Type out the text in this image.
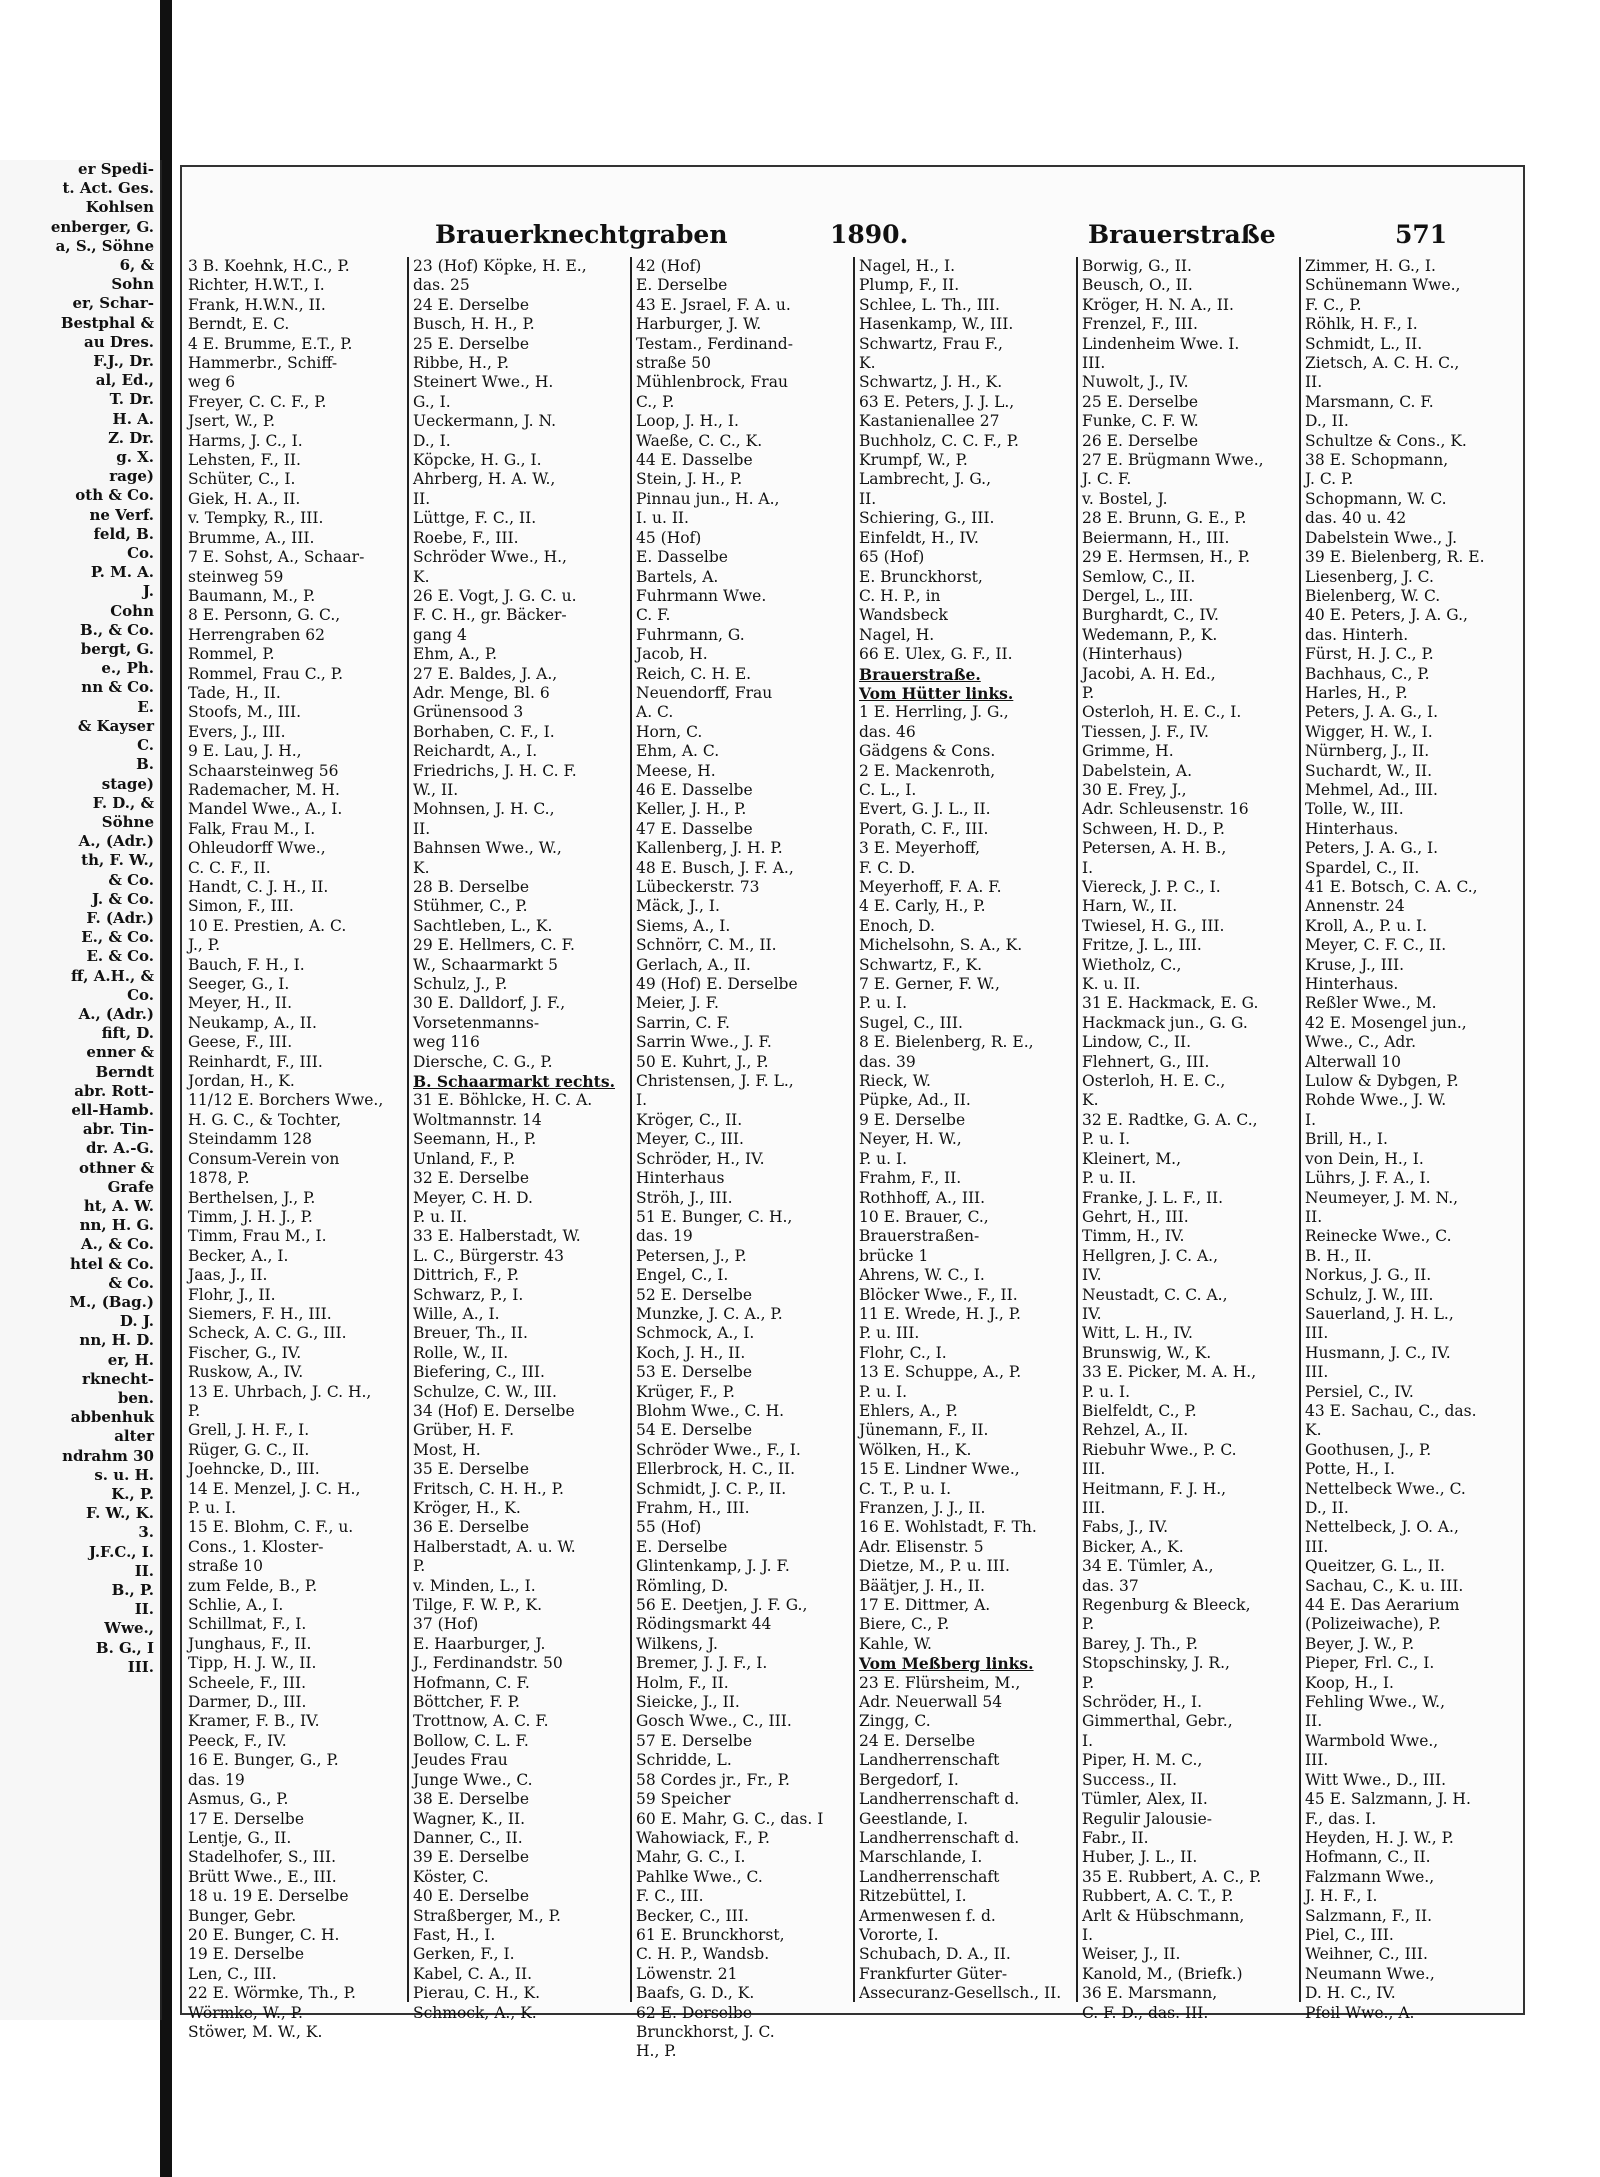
er Spedi-
t. Act. Ges.
Kohlsen
enberger, G.
a, S., Söhne
6, &
Sohn
er, Schar-
Bestphal &
au Dres.
F.J., Dr.
al, Ed.,
T. Dr.
H. A.
Z. Dr.
g. X.
rage)
oth & Co.
ne Verf.
feld, B.
Co.
P. M. A.
J.
Cohn
B., & Co.
bergt, G.
e., Ph.
nn & Co.
E.
& Kayser
C.
B.
stage)
F. D., &
Söhne
A., (Adr.)
th, F. W.,
& Co.
J. & Co.
F. (Adr.)
E., & Co.
E. & Co.
ff, A.H., &
Co.
A., (Adr.)
fift, D.
enner &
Berndt
abr. Rott-
ell-Hamb.
abr. Tin-
dr. A.-G.
othner &
Grafe
ht, A. W.
nn, H. G.
A., & Co.
htel & Co.
& Co.
M., (Bag.)
D. J.
nn, H. D.
er, H.
rknecht-
ben.
abbenhuk
alter
ndrahm 30
s. u. H.
K., P.
F. W., K.
3.
J.F.C., I.
II.
B., P.
II.
Wwe.,
B. G., I
III.
Brauerknechtgraben	1890.	Brauerstraße	571
3 B. Koehnk, H.C., P.
Richter, H.W.T., I.
Frank, H.W.N., II.
Berndt, E. C.
4 E. Brumme, E.T., P.
Hammerbr., Schiff-
weg 6
Freyer, C. C. F., P.
Jsert, W., P.
Harms, J. C., I.
Lehsten, F., II.
Schüter, C., I.
Giek, H. A., II.
v. Tempky, R., III.
Brumme, A., III.
7 E. Sohst, A., Schaar-
steinweg 59
Baumann, M., P.
8 E. Personn, G. C.,
Herrengraben 62
Rommel, P.
Rommel, Frau C., P.
Tade, H., II.
Stoofs, M., III.
Evers, J., III.
9 E. Lau, J. H.,
Schaarsteinweg 56
Rademacher, M. H.
Mandel Wwe., A., I.
Falk, Frau M., I.
Ohleudorff Wwe.,
C. C. F., II.
Handt, C. J. H., II.
Simon, F., III.
10 E. Prestien, A. C.
J., P.
Bauch, F. H., I.
Seeger, G., I.
Meyer, H., II.
Neukamp, A., II.
Geese, F., III.
Reinhardt, F., III.
Jordan, H., K.
11/12 E. Borchers Wwe.,
H. G. C., & Tochter,
Steindamm 128
Consum-Verein von
1878, P.
Berthelsen, J., P.
Timm, J. H. J., P.
Timm, Frau M., I.
Becker, A., I.
Jaas, J., II.
Flohr, J., II.
Siemers, F. H., III.
Scheck, A. C. G., III.
Fischer, G., IV.
Ruskow, A., IV.
13 E. Uhrbach, J. C. H.,
P.
Grell, J. H. F., I.
Rüger, G. C., II.
Joehncke, D., III.
14 E. Menzel, J. C. H.,
P. u. I.
15 E. Blohm, C. F., u.
Cons., 1. Kloster-
straße 10
zum Felde, B., P.
Schlie, A., I.
Schillmat, F., I.
Junghaus, F., II.
Tipp, H. J. W., II.
Scheele, F., III.
Darmer, D., III.
Kramer, F. B., IV.
Peeck, F., IV.
16 E. Bunger, G., P.
das. 19
Asmus, G., P.
17 E. Derselbe
Lentje, G., II.
Stadelhofer, S., III.
Brütt Wwe., E., III.
18 u. 19 E. Derselbe
Bunger, Gebr.
20 E. Bunger, C. H.
19 E. Derselbe
Len, C., III.
22 E. Wörmke, Th., P.
Wörmke, W., P.
Stöwer, M. W., K.
23 (Hof) Köpke, H. E.,
das. 25
24 E. Derselbe
Busch, H. H., P.
25 E. Derselbe
Ribbe, H., P.
Steinert Wwe., H.
G., I.
Ueckermann, J. N.
D., I.
Köpcke, H. G., I.
Ahrberg, H. A. W.,
II.
Lüttge, F. C., II.
Roebe, F., III.
Schröder Wwe., H.,
K.
26 E. Vogt, J. G. C. u.
F. C. H., gr. Bäcker-
gang 4
Ehm, A., P.
27 E. Baldes, J. A.,
Adr. Menge, Bl. 6
Grünensood 3
Borhaben, C. F., I.
Reichardt, A., I.
Friedrichs, J. H. C. F.
W., II.
Mohnsen, J. H. C.,
II.
Bahnsen Wwe., W.,
K.
28 B. Derselbe
Stühmer, C., P.
Sachtleben, L., K.
29 E. Hellmers, C. F.
W., Schaarmarkt 5
Schulz, J., P.
30 E. Dalldorf, J. F.,
Vorsetenmanns-
weg 116
Diersche, C. G., P.
B. Schaarmarkt rechts.
31 E. Böhlcke, H. C. A.
Woltmannstr. 14
Seemann, H., P.
Unland, F., P.
32 E. Derselbe
Meyer, C. H. D.
P. u. II.
33 E. Halberstadt, W.
L. C., Bürgerstr. 43
Dittrich, F., P.
Schwarz, P., I.
Wille, A., I.
Breuer, Th., II.
Rolle, W., II.
Biefering, C., III.
Schulze, C. W., III.
34 (Hof) E. Derselbe
Grüber, H. F.
Most, H.
35 E. Derselbe
Fritsch, C. H. H., P.
Kröger, H., K.
36 E. Derselbe
Halberstadt, A. u. W.
P.
v. Minden, L., I.
Tilge, F. W. P., K.
37 (Hof)
E. Haarburger, J.
J., Ferdinandstr. 50
Hofmann, C. F.
Böttcher, F. P.
Trottnow, A. C. F.
Bollow, C. L. F.
Jeudes Frau
Junge Wwe., C.
38 E. Derselbe
Wagner, K., II.
Danner, C., II.
39 E. Derselbe
Köster, C.
40 E. Derselbe
Straßberger, M., P.
Fast, H., I.
Gerken, F., I.
Kabel, C. A., II.
Pierau, C. H., K.
Schmock, A., K.
42 (Hof)
E. Derselbe
43 E. Jsrael, F. A. u.
Harburger, J. W.
Testam., Ferdinand-
straße 50
Mühlenbrock, Frau
C., P.
Loop, J. H., I.
Waeße, C. C., K.
44 E. Dasselbe
Stein, J. H., P.
Pinnau jun., H. A.,
I. u. II.
45 (Hof)
E. Dasselbe
Bartels, A.
Fuhrmann Wwe.
C. F.
Fuhrmann, G.
Jacob, H.
Reich, C. H. E.
Neuendorff, Frau
A. C.
Horn, C.
Ehm, A. C.
Meese, H.
46 E. Dasselbe
Keller, J. H., P.
47 E. Dasselbe
Kallenberg, J. H. P.
48 E. Busch, J. F. A.,
Lübeckerstr. 73
Mäck, J., I.
Siems, A., I.
Schnörr, C. M., II.
Gerlach, A., II.
49 (Hof) E. Derselbe
Meier, J. F.
Sarrin, C. F.
Sarrin Wwe., J. F.
50 E. Kuhrt, J., P.
Christensen, J. F. L.,
I.
Kröger, C., II.
Meyer, C., III.
Schröder, H., IV.
Hinterhaus
Ströh, J., III.
51 E. Bunger, C. H.,
das. 19
Petersen, J., P.
Engel, C., I.
52 E. Derselbe
Munzke, J. C. A., P.
Schmock, A., I.
Koch, J. H., II.
53 E. Derselbe
Krüger, F., P.
Blohm Wwe., C. H.
54 E. Derselbe
Schröder Wwe., F., I.
Ellerbrock, H. C., II.
Schmidt, J. C. P., II.
Frahm, H., III.
55 (Hof)
E. Derselbe
Glintenkamp, J. J. F.
Römling, D.
56 E. Deetjen, J. F. G.,
Rödingsmarkt 44
Wilkens, J.
Bremer, J. J. F., I.
Holm, F., II.
Sieicke, J., II.
Gosch Wwe., C., III.
57 E. Derselbe
Schridde, L.
58 Cordes jr., Fr., P.
59 Speicher
60 E. Mahr, G. C., das. I
Wahowiack, F., P.
Mahr, G. C., I.
Pahlke Wwe., C.
F. C., III.
Becker, C., III.
61 E. Brunckhorst,
C. H. P., Wandsb.
Löwenstr. 21
Baafs, G. D., K.
62 E. Derselbe
Brunckhorst, J. C.
H., P.
Nagel, H., I.
Plump, F., II.
Schlee, L. Th., III.
Hasenkamp, W., III.
Schwartz, Frau F.,
K.
Schwartz, J. H., K.
63 E. Peters, J. J. L.,
Kastanienallee 27
Buchholz, C. C. F., P.
Krumpf, W., P.
Lambrecht, J. G.,
II.
Schiering, G., III.
Einfeldt, H., IV.
65 (Hof)
E. Brunckhorst,
C. H. P., in
Wandsbeck
Nagel, H.
66 E. Ulex, G. F., II.
Brauerstraße.
Vom Hütter links.
1 E. Herrling, J. G.,
das. 46
Gädgens & Cons.
2 E. Mackenroth,
C. L., I.
Evert, G. J. L., II.
Porath, C. F., III.
3 E. Meyerhoff,
F. C. D.
Meyerhoff, F. A. F.
4 E. Carly, H., P.
Enoch, D.
Michelsohn, S. A., K.
Schwartz, F., K.
7 E. Gerner, F. W.,
P. u. I.
Sugel, C., III.
8 E. Bielenberg, R. E.,
das. 39
Rieck, W.
Püpke, Ad., II.
9 E. Derselbe
Neyer, H. W.,
P. u. I.
Frahm, F., II.
Rothhoff, A., III.
10 E. Brauer, C.,
Brauerstraßen-
brücke 1
Ahrens, W. C., I.
Blöcker Wwe., F., II.
11 E. Wrede, H. J., P.
P. u. III.
Flohr, C., I.
13 E. Schuppe, A., P.
P. u. I.
Ehlers, A., P.
Jünemann, F., II.
Wölken, H., K.
15 E. Lindner Wwe.,
C. T., P. u. I.
Franzen, J. J., II.
16 E. Wohlstadt, F. Th.
Adr. Elisenstr. 5
Dietze, M., P. u. III.
Bäätjer, J. H., II.
17 E. Dittmer, A.
Biere, C., P.
Kahle, W.
Vom Meßberg links.
23 E. Flürsheim, M.,
Adr. Neuerwall 54
Zingg, C.
24 E. Derselbe
Landherrenschaft
Bergedorf, I.
Landherrenschaft d.
Geestlande, I.
Landherrenschaft d.
Marschlande, I.
Landherrenschaft
Ritzebüttel, I.
Armenwesen f. d.
Vororte, I.
Schubach, D. A., II.
Frankfurter Güter-
Assecuranz-Gesellsch., II.
Borwig, G., II.
Beusch, O., II.
Kröger, H. N. A., II.
Frenzel, F., III.
Lindenheim Wwe. I.
III.
Nuwolt, J., IV.
25 E. Derselbe
Funke, C. F. W.
26 E. Derselbe
27 E. Brügmann Wwe.,
J. C. F.
v. Bostel, J.
28 E. Brunn, G. E., P.
Beiermann, H., III.
29 E. Hermsen, H., P.
Semlow, C., II.
Dergel, L., III.
Burghardt, C., IV.
Wedemann, P., K.
(Hinterhaus)
Jacobi, A. H. Ed.,
P.
Osterloh, H. E. C., I.
Tiessen, J. F., IV.
Grimme, H.
Dabelstein, A.
30 E. Frey, J.,
Adr. Schleusenstr. 16
Schween, H. D., P.
Petersen, A. H. B.,
I.
Viereck, J. P. C., I.
Harn, W., II.
Twiesel, H. G., III.
Fritze, J. L., III.
Wietholz, C.,
K. u. II.
31 E. Hackmack, E. G.
Hackmack jun., G. G.
Lindow, C., II.
Flehnert, G., III.
Osterloh, H. E. C.,
K.
32 E. Radtke, G. A. C.,
P. u. I.
Kleinert, M.,
P. u. II.
Franke, J. L. F., II.
Gehrt, H., III.
Timm, H., IV.
Hellgren, J. C. A.,
IV.
Neustadt, C. C. A.,
IV.
Witt, L. H., IV.
Brunswig, W., K.
33 E. Picker, M. A. H.,
P. u. I.
Bielfeldt, C., P.
Rehzel, A., II.
Riebuhr Wwe., P. C.
III.
Heitmann, F. J. H.,
III.
Fabs, J., IV.
Bicker, A., K.
34 E. Tümler, A.,
das. 37
Regenburg & Bleeck,
P.
Barey, J. Th., P.
Stopschinsky, J. R.,
P.
Schröder, H., I.
Gimmerthal, Gebr.,
I.
Piper, H. M. C.,
Success., II.
Tümler, Alex, II.
Regulir Jalousie-
Fabr., II.
Huber, J. L., II.
35 E. Rubbert, A. C., P.
Rubbert, A. C. T., P.
Arlt & Hübschmann,
I.
Weiser, J., II.
Kanold, M., (Briefk.)
36 E. Marsmann,
C. F. D., das. III.
Zimmer, H. G., I.
Schünemann Wwe.,
F. C., P.
Röhlk, H. F., I.
Schmidt, L., II.
Zietsch, A. C. H. C.,
II.
Marsmann, C. F.
D., II.
Schultze & Cons., K.
38 E. Schopmann,
J. C. P.
Schopmann, W. C.
das. 40 u. 42
Dabelstein Wwe., J.
39 E. Bielenberg, R. E.
Liesenberg, J. C.
Bielenberg, W. C.
40 E. Peters, J. A. G.,
das. Hinterh.
Fürst, H. J. C., P.
Bachhaus, C., P.
Harles, H., P.
Peters, J. A. G., I.
Wigger, H. W., I.
Nürnberg, J., II.
Suchardt, W., II.
Mehmel, Ad., III.
Tolle, W., III.
Hinterhaus.
Peters, J. A. G., I.
Spardel, C., II.
41 E. Botsch, C. A. C.,
Annenstr. 24
Kroll, A., P. u. I.
Meyer, C. F. C., II.
Kruse, J., III.
Hinterhaus.
Reßler Wwe., M.
42 E. Mosengel jun.,
Wwe., C., Adr.
Alterwall 10
Lulow & Dybgen, P.
Rohde Wwe., J. W.
I.
Brill, H., I.
von Dein, H., I.
Lührs, J. F. A., I.
Neumeyer, J. M. N.,
II.
Reinecke Wwe., C.
B. H., II.
Norkus, J. G., II.
Schulz, J. W., III.
Sauerland, J. H. L.,
III.
Husmann, J. C., IV.
III.
Persiel, C., IV.
43 E. Sachau, C., das.
K.
Goothusen, J., P.
Potte, H., I.
Nettelbeck Wwe., C.
D., II.
Nettelbeck, J. O. A.,
III.
Queitzer, G. L., II.
Sachau, C., K. u. III.
44 E. Das Aerarium
(Polizeiwache), P.
Beyer, J. W., P.
Pieper, Frl. C., I.
Koop, H., I.
Fehling Wwe., W.,
II.
Warmbold Wwe.,
III.
Witt Wwe., D., III.
45 E. Salzmann, J. H.
F., das. I.
Heyden, H. J. W., P.
Hofmann, C., II.
Falzmann Wwe.,
J. H. F., I.
Salzmann, F., II.
Piel, C., III.
Weihner, C., III.
Neumann Wwe.,
D. H. C., IV.
Pfeil Wwe., A.
